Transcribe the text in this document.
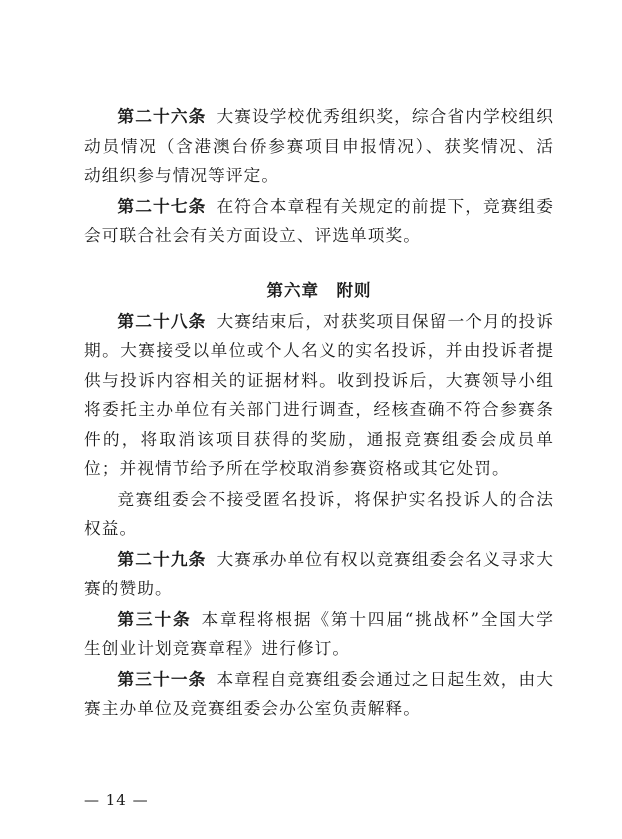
第二十六条 大赛设学校优秀组织奖，综合省内学校组织动员情况（含港澳台侨参赛项目申报情况）、获奖情况、活动组织参与情况等评定。

第二十七条 在符合本章程有关规定的前提下，竞赛组委会可联合社会有关方面设立、评选单项奖。

第六章　附则

第二十八条 大赛结束后，对获奖项目保留一个月的投诉期。大赛接受以单位或个人名义的实名投诉，并由投诉者提供与投诉内容相关的证据材料。收到投诉后，大赛领导小组将委托主办单位有关部门进行调查，经核查确不符合参赛条件的，将取消该项目获得的奖励，通报竞赛组委会成员单位；并视情节给予所在学校取消参赛资格或其它处罚。

竞赛组委会不接受匿名投诉，将保护实名投诉人的合法权益。

第二十九条 大赛承办单位有权以竞赛组委会名义寻求大赛的赞助。

第三十条 本章程将根据《第十四届“挑战杯”全国大学生创业计划竞赛章程》进行修订。

第三十一条 本章程自竞赛组委会通过之日起生效，由大赛主办单位及竞赛组委会办公室负责解释。

— 14 —
